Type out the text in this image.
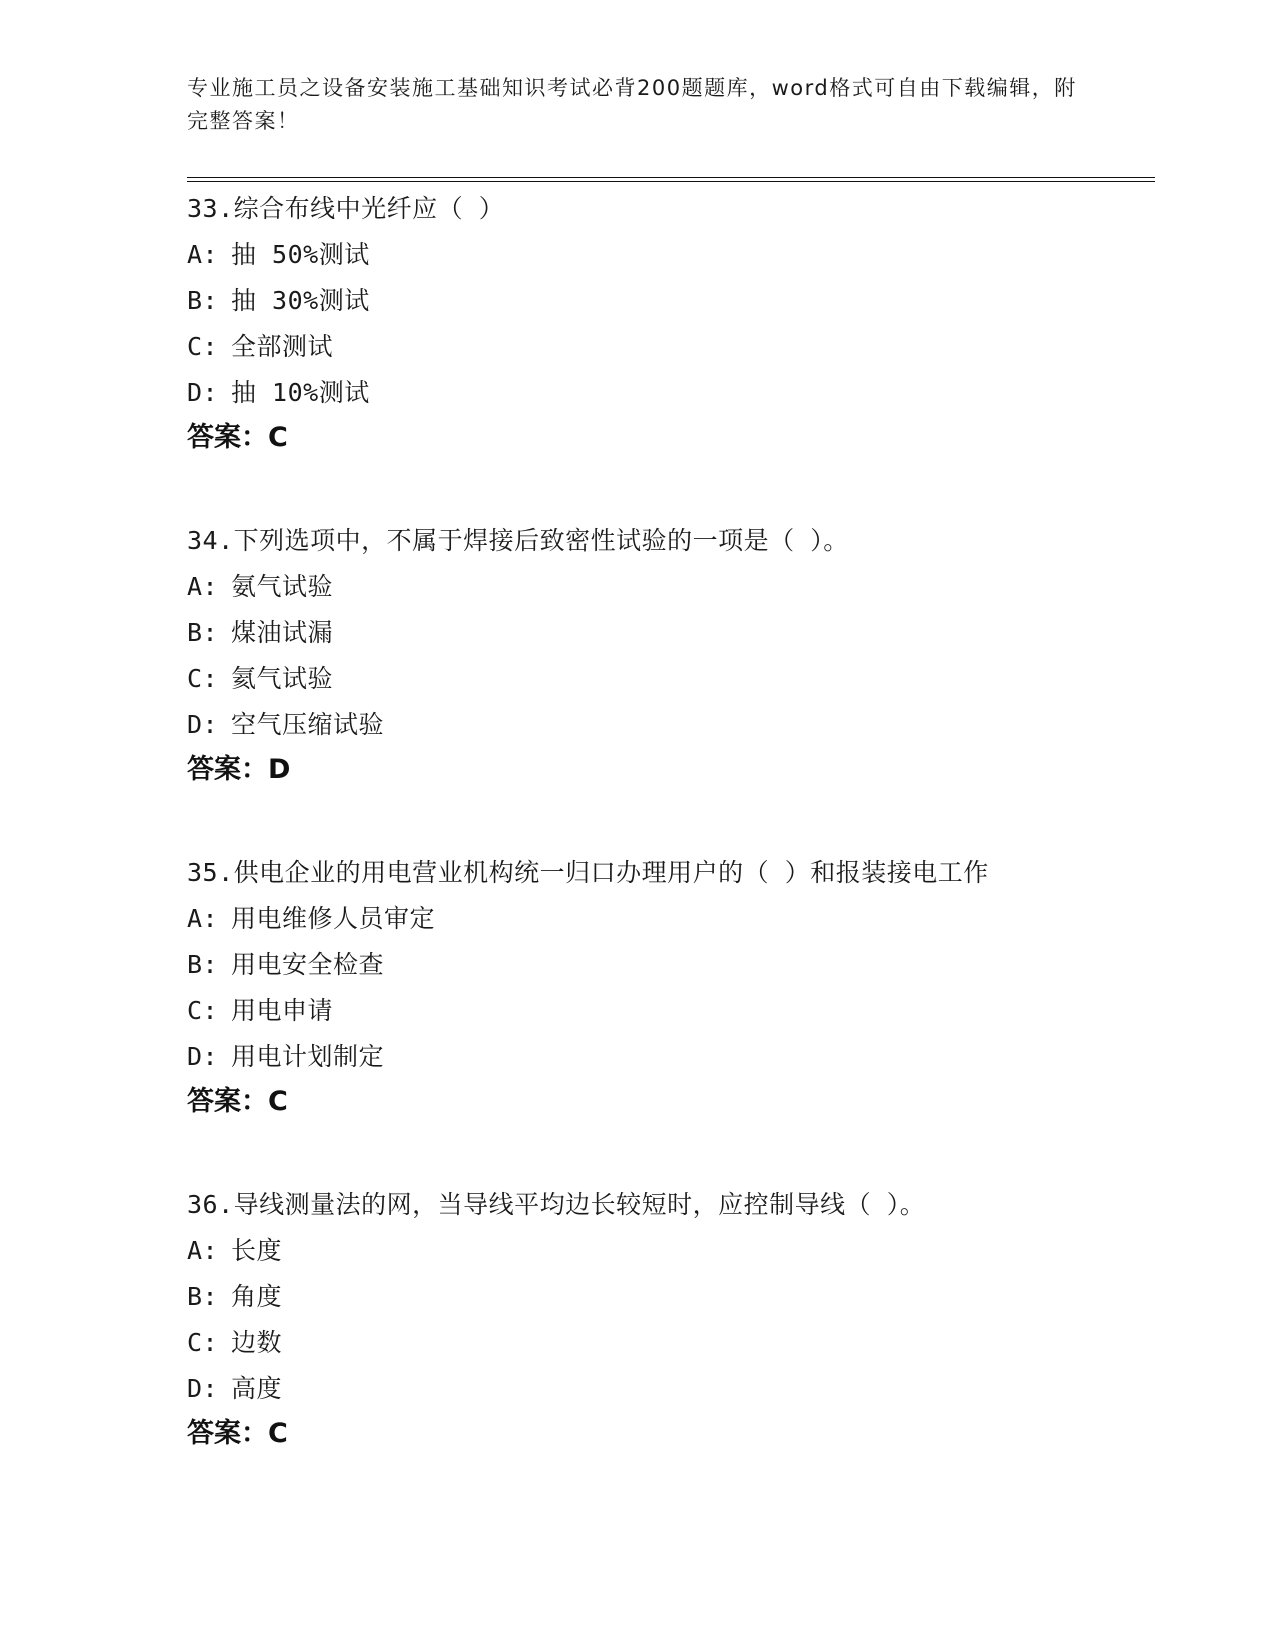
专业施工员之设备安装施工基础知识考试必背200题题库，word格式可自由下载编辑，附完整答案！
33.综合布线中光纤应（ ）
A: 抽 50%测试
B: 抽 30%测试
C: 全部测试
D: 抽 10%测试
答案：C
34.下列选项中，不属于焊接后致密性试验的一项是（ ）。
A: 氨气试验
B: 煤油试漏
C: 氦气试验
D: 空气压缩试验
答案：D
35.供电企业的用电营业机构统一归口办理用户的（ ）和报装接电工作
A: 用电维修人员审定
B: 用电安全检查
C: 用电申请
D: 用电计划制定
答案：C
36.导线测量法的网，当导线平均边长较短时，应控制导线（ ）。
A: 长度
B: 角度
C: 边数
D: 高度
答案：C
